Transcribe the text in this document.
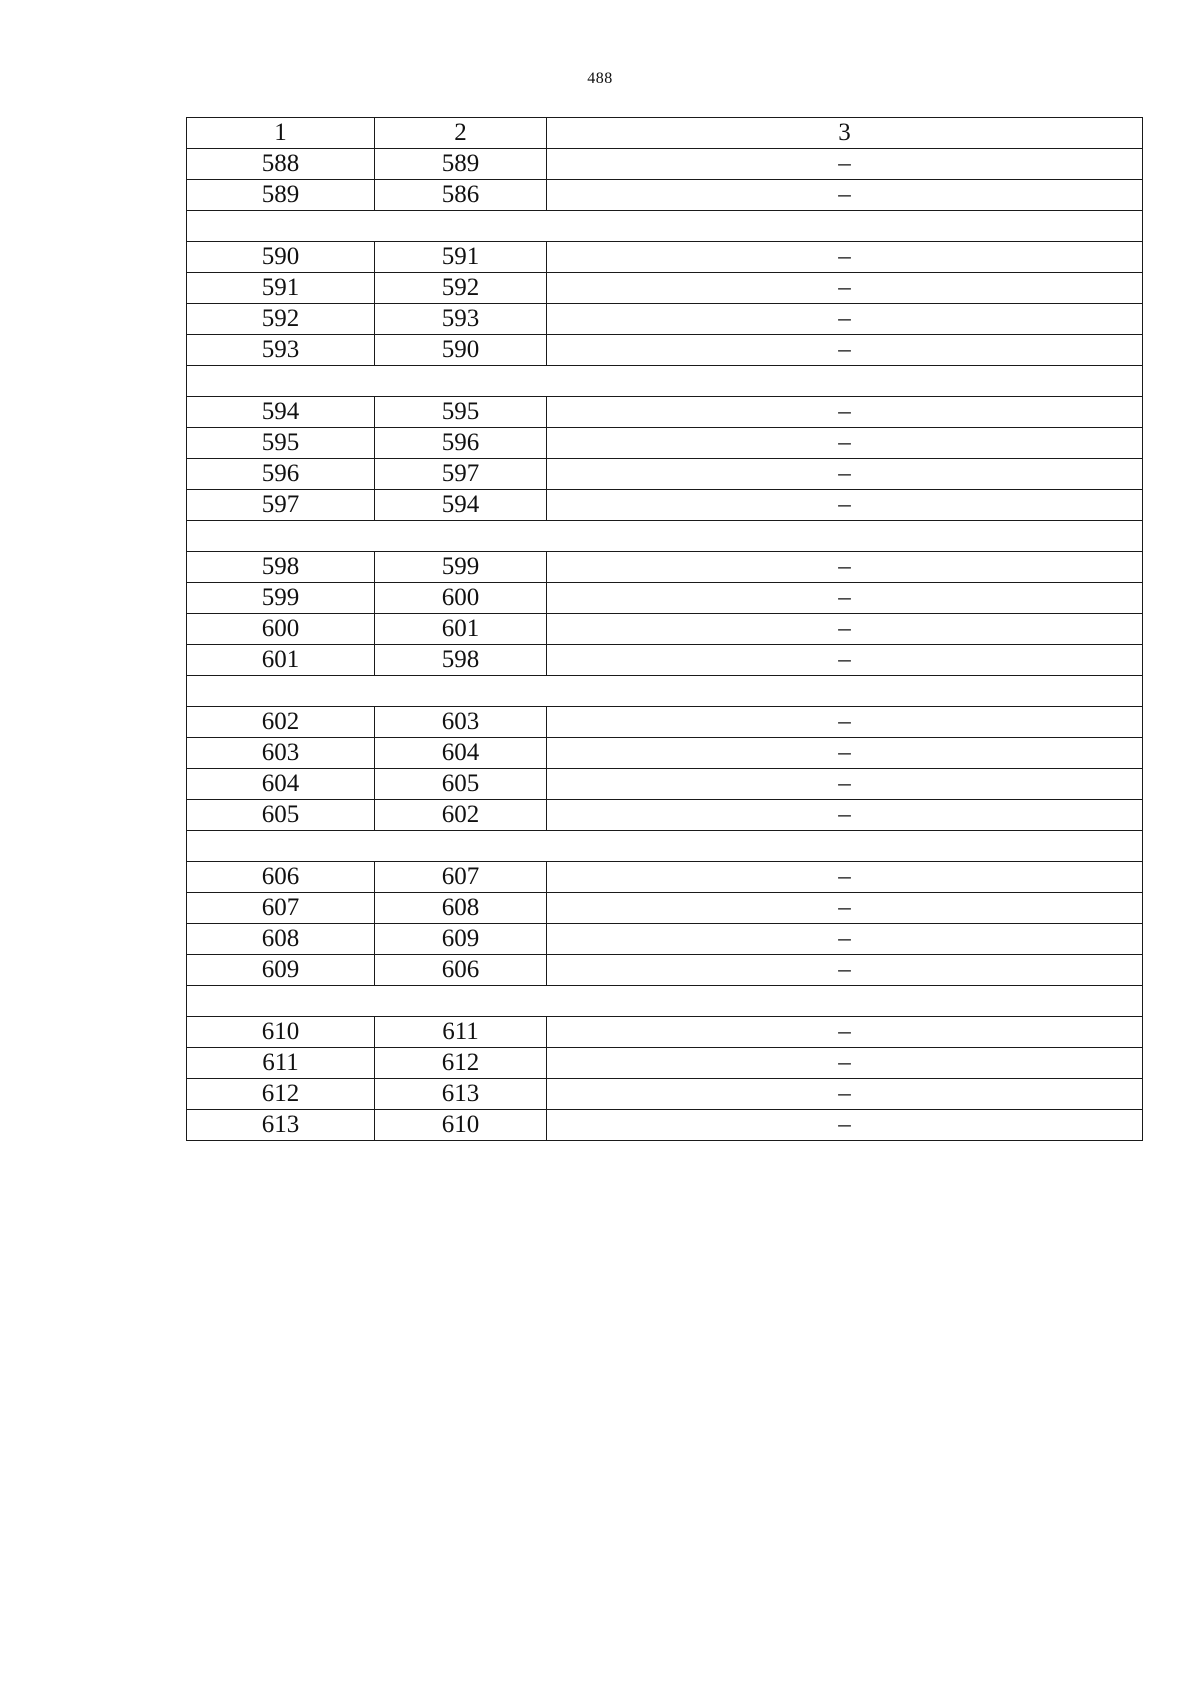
488
1	2	3
588	589	–
589	586	–

590	591	–
591	592	–
592	593	–
593	590	–

594	595	–
595	596	–
596	597	–
597	594	–

598	599	–
599	600	–
600	601	–
601	598	–

602	603	–
603	604	–
604	605	–
605	602	–

606	607	–
607	608	–
608	609	–
609	606	–

610	611	–
611	612	–
612	613	–
613	610	–
